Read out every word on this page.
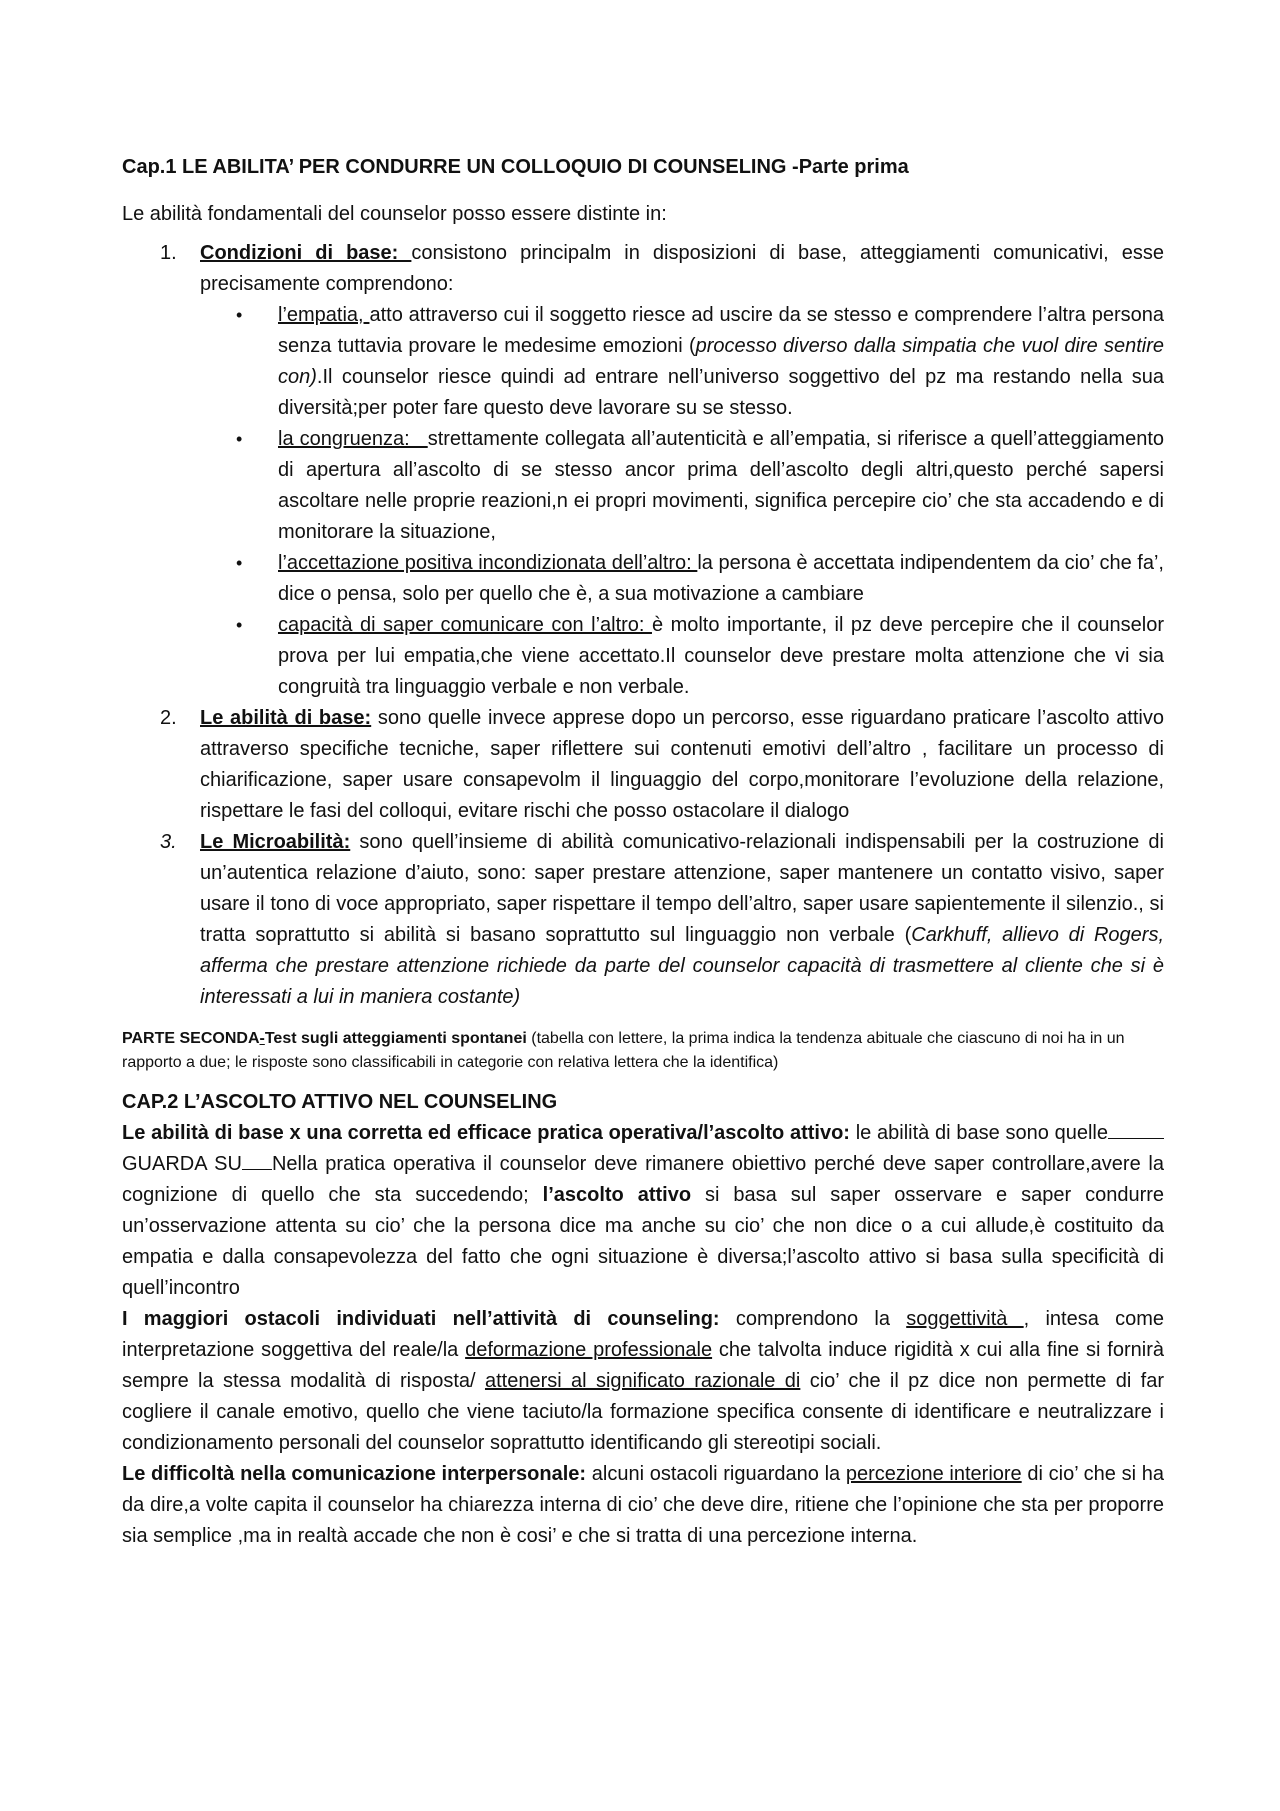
Cap.1 LE ABILITA’ PER CONDURRE UN COLLOQUIO DI COUNSELING -Parte prima

Le abilità fondamentali del counselor posso essere distinte in:

1. Condizioni di base: consistono principalm in disposizioni di base, atteggiamenti comunicativi, esse precisamente comprendono:
• l’empatia, atto attraverso cui il soggetto riesce ad uscire da se stesso e comprendere l’altra persona senza tuttavia provare le medesime emozioni (processo diverso dalla simpatia che vuol dire sentire con).Il counselor riesce quindi ad entrare nell’universo soggettivo del pz ma restando nella sua diversità;per poter fare questo deve lavorare su se stesso.
• la congruenza:   strettamente collegata all’autenticità e all’empatia, si riferisce a quell’atteggiamento di apertura all’ascolto di se stesso ancor prima dell’ascolto degli altri,questo perché sapersi ascoltare nelle proprie reazioni,n ei propri movimenti, significa percepire cio’ che sta accadendo e di monitorare la situazione,
• l’accettazione positiva incondizionata dell’altro: la persona è accettata indipendentem da cio’ che fa’, dice o pensa, solo per quello che è, a sua motivazione a cambiare
• capacità di saper comunicare con l’altro: è molto importante, il pz deve percepire che il counselor prova per lui empatia,che viene accettato.Il counselor deve prestare molta attenzione che vi sia congruità tra linguaggio verbale e non verbale.
2. Le abilità di base: sono quelle invece apprese dopo un percorso, esse riguardano praticare l’ascolto attivo attraverso specifiche tecniche, saper riflettere sui contenuti emotivi dell’altro , facilitare un processo di chiarificazione, saper usare consapevolm il linguaggio del corpo,monitorare l’evoluzione della relazione, rispettare le fasi del colloqui, evitare rischi che posso ostacolare il dialogo
3. Le Microabilità: sono quell’insieme di abilità comunicativo-relazionali indispensabili per la costruzione di un’autentica relazione d’aiuto, sono: saper prestare attenzione, saper mantenere un contatto visivo, saper usare il tono di voce appropriato, saper rispettare il tempo dell’altro, saper usare sapientemente il silenzio., si tratta soprattutto si abilità si basano soprattutto sul linguaggio non verbale (Carkhuff, allievo di Rogers, afferma che prestare attenzione richiede da parte del counselor capacità di trasmettere al cliente che si è interessati a lui in maniera costante)

PARTE SECONDA-Test sugli atteggiamenti spontanei (tabella con lettere, la prima indica la tendenza abituale che ciascuno di noi ha in un rapporto a due; le risposte sono classificabili in categorie con relativa lettera che la identifica)

CAP.2 L’ASCOLTO ATTIVO NEL COUNSELING

Le abilità di base x una corretta ed efficace pratica operativa/l’ascolto attivo: le abilità di base sono quelleGUARDA SU Nella pratica operativa il counselor deve rimanere obiettivo perché deve saper controllare,avere la cognizione di quello che sta succedendo; l’ascolto attivo si basa sul saper osservare e saper condurre un’osservazione attenta su cio’ che la persona dice ma anche su cio’ che non dice o a cui allude,è costituito da empatia e dalla consapevolezza del fatto che ogni situazione è diversa;l’ascolto attivo si basa sulla specificità di quell’incontro

I maggiori ostacoli individuati nell’attività di counseling: comprendono la soggettività , intesa come interpretazione soggettiva del reale/la deformazione professionale che talvolta induce rigidità x cui alla fine si fornirà sempre la stessa modalità di risposta/ attenersi al significato razionale di cio’ che il pz dice non permette di far cogliere il canale emotivo, quello che viene taciuto/la formazione specifica consente di identificare e neutralizzare i condizionamento personali del counselor soprattutto identificando gli stereotipi sociali.

Le difficoltà nella comunicazione interpersonale: alcuni ostacoli riguardano la percezione interiore di cio’ che si ha da dire,a volte capita il counselor ha chiarezza interna di cio’ che deve dire, ritiene che l’opinione che sta per proporre sia semplice ,ma in realtà accade che non è cosi’ e che si tratta di una percezione interna.
